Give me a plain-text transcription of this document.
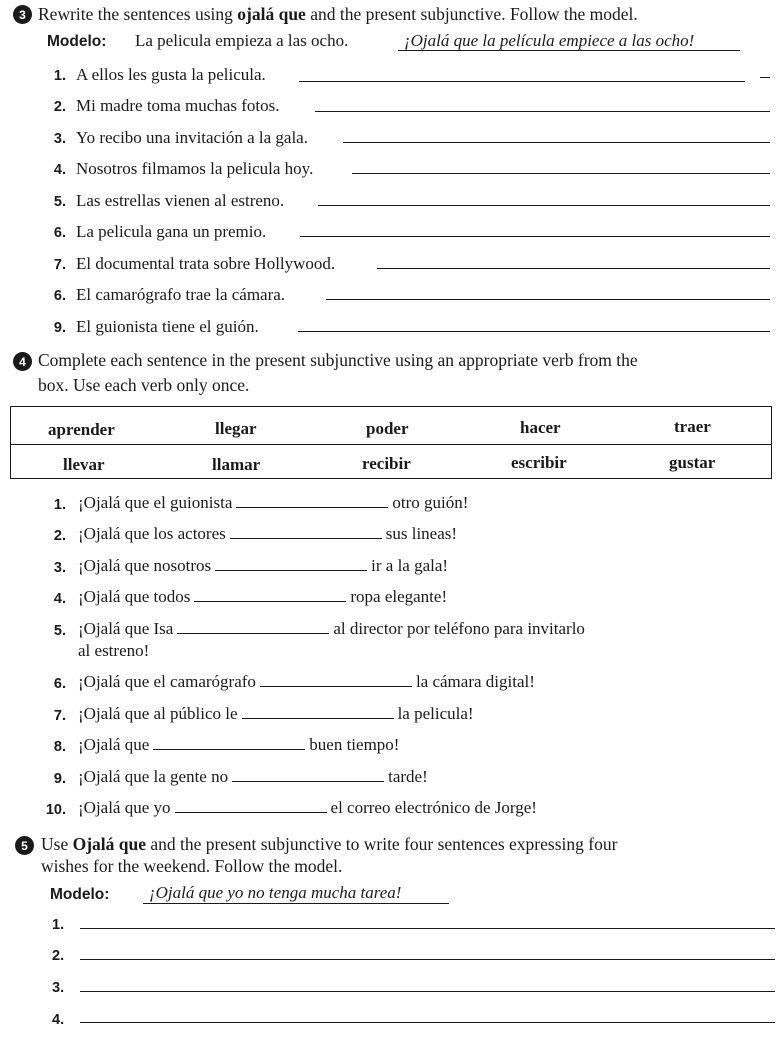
3 Rewrite the sentences using ojalá que and the present subjunctive. Follow the model.
Modelo: La pelicula empieza a las ocho.	¡Ojalá que la película empiece a las ocho!
1. A ellos les gusta la pelicula.
2. Mi madre toma muchas fotos.
3. Yo recibo una invitación a la gala.
4. Nosotros filmamos la pelicula hoy.
5. Las estrellas vienen al estreno.
6. La pelicula gana un premio.
7. El documental trata sobre Hollywood.
6. El camarógrafo trae la cámara.
9. El guionista tiene el guión.
4 Complete each sentence in the present subjunctive using an appropriate verb from the
box. Use each verb only once.
aprender	llegar	poder	hacer	traer
llevar	llamar	recibir	escribir	gustar
1. ¡Ojalá que el guionista	otro guión!
2. ¡Ojalá que los actores	sus lineas!
3. ¡Ojalá que nosotros	ir a la gala!
4. ¡Ojalá que todos	ropa elegante!
5. ¡Ojalá que Isa	al director por teléfono para invitarlo
al estreno!
6. ¡Ojalá que el camarógrafo	la cámara digital!
7. ¡Ojalá que al público le	la pelicula!
8. ¡Ojalá que	buen tiempo!
9. ¡Ojalá que la gente no	tarde!
10. ¡Ojalá que yo	el correo electrónico de Jorge!
5 Use Ojalá que and the present subjunctive to write four sentences expressing four
wishes for the weekend. Follow the model.
Modelo: ¡Ojalá que yo no tenga mucha tarea!
1.
2.
3.
4.
